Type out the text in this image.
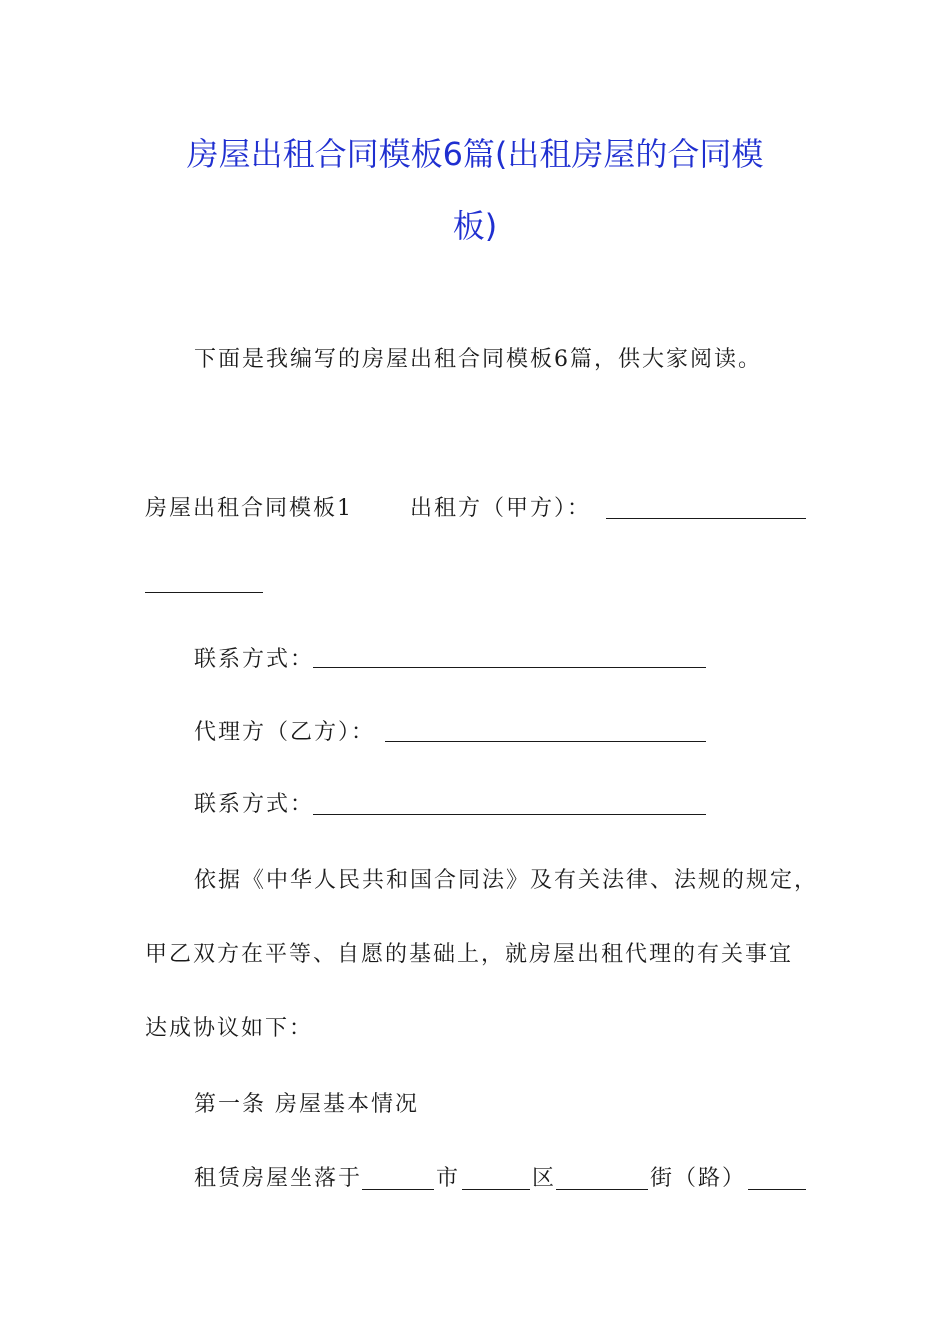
房屋出租合同模板6篇(出租房屋的合同模
板)
下面是我编写的房屋出租合同模板6篇，供大家阅读。
房屋出租合同模板1	出租方（甲方）：
联系方式：
代理方（乙方）：
联系方式：
依据《中华人民共和国合同法》及有关法律、法规的规定，
甲乙双方在平等、自愿的基础上，就房屋出租代理的有关事宜
达成协议如下：
第一条 房屋基本情况
租赁房屋坐落于	市	区	街（路）
